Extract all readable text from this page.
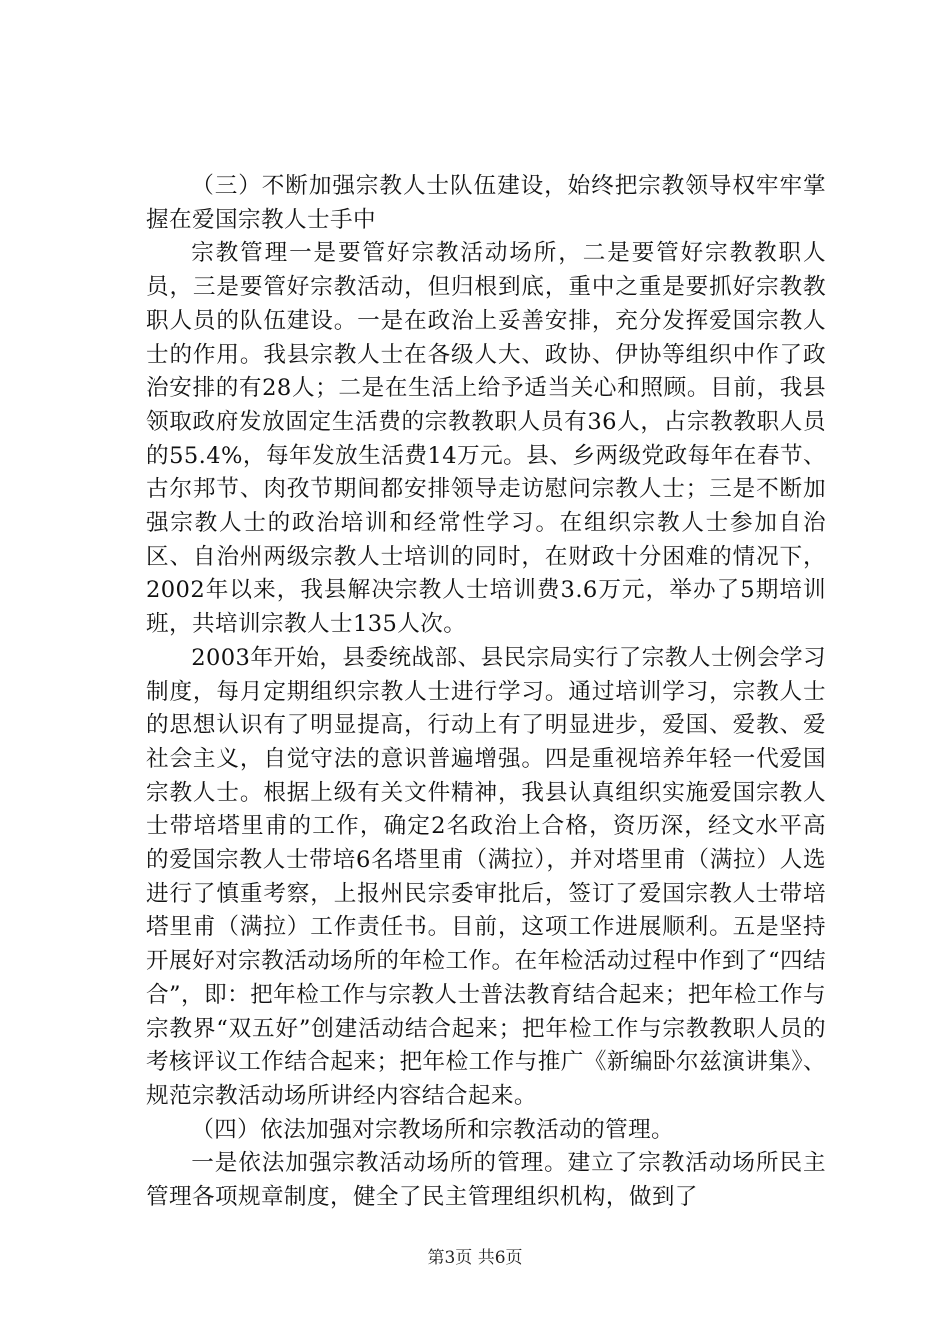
（三）不断加强宗教人士队伍建设，始终把宗教领导权牢牢掌握在爱国宗教人士手中

宗教管理一是要管好宗教活动场所，二是要管好宗教教职人员，三是要管好宗教活动，但归根到底，重中之重是要抓好宗教教职人员的队伍建设。一是在政治上妥善安排，充分发挥爱国宗教人士的作用。我县宗教人士在各级人大、政协、伊协等组织中作了政治安排的有28人；二是在生活上给予适当关心和照顾。目前，我县领取政府发放固定生活费的宗教教职人员有36人，占宗教教职人员的55.4%，每年发放生活费14万元。县、乡两级党政每年在春节、古尔邦节、肉孜节期间都安排领导走访慰问宗教人士；三是不断加强宗教人士的政治培训和经常性学习。在组织宗教人士参加自治区、自治州两级宗教人士培训的同时，在财政十分困难的情况下，2002年以来，我县解决宗教人士培训费3.6万元，举办了5期培训班，共培训宗教人士135人次。

2003年开始，县委统战部、县民宗局实行了宗教人士例会学习制度，每月定期组织宗教人士进行学习。通过培训学习，宗教人士的思想认识有了明显提高，行动上有了明显进步，爱国、爱教、爱社会主义，自觉守法的意识普遍增强。四是重视培养年轻一代爱国宗教人士。根据上级有关文件精神，我县认真组织实施爱国宗教人士带培塔里甫的工作，确定2名政治上合格，资历深，经文水平高的爱国宗教人士带培6名塔里甫（满拉），并对塔里甫（满拉）人选进行了慎重考察，上报州民宗委审批后，签订了爱国宗教人士带培塔里甫（满拉）工作责任书。目前，这项工作进展顺利。五是坚持开展好对宗教活动场所的年检工作。在年检活动过程中作到了“四结合”，即：把年检工作与宗教人士普法教育结合起来；把年检工作与宗教界“双五好”创建活动结合起来；把年检工作与宗教教职人员的考核评议工作结合起来；把年检工作与推广《新编卧尔兹演讲集》、规范宗教活动场所讲经内容结合起来。

（四）依法加强对宗教场所和宗教活动的管理。

一是依法加强宗教活动场所的管理。建立了宗教活动场所民主管理各项规章制度，健全了民主管理组织机构，做到了

第3页 共6页
